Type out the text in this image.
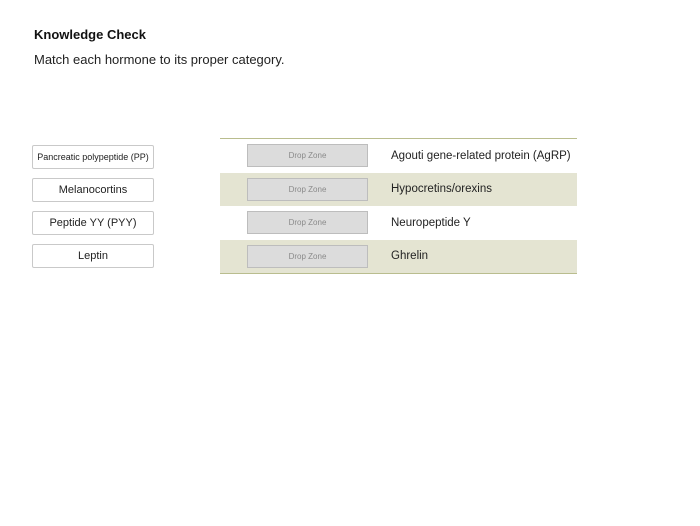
Knowledge Check
Match each hormone to its proper category.
Pancreatic polypeptide (PP)
Melanocortins
Peptide YY (PYY)
Leptin
Drop Zone	Agouti gene-related protein (AgRP)
Drop Zone	Hypocretins/orexins
Drop Zone	Neuropeptide Y
Drop Zone	Ghrelin
